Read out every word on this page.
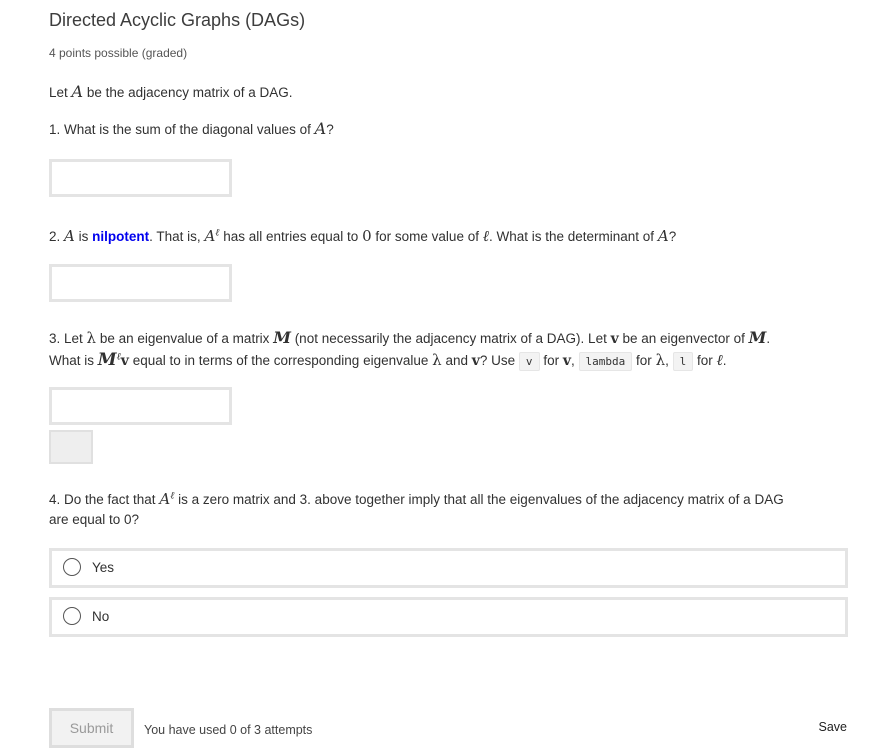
Directed Acyclic Graphs (DAGs)
4 points possible (graded)
Let A be the adjacency matrix of a DAG.
1. What is the sum of the diagonal values of A?
2. A is nilpotent. That is, $A^\ell$ has all entries equal to 0 for some value of ℓ. What is the determinant of A?
3. Let λ be an eigenvalue of a matrix M (not necessarily the adjacency matrix of a DAG). Let v be an eigenvector of M.
What is $M^\ell v$ equal to in terms of the corresponding eigenvalue λ and v? Use v for v, lambda for λ, l for ℓ.
4. Do the fact that $A^\ell$ is a zero matrix and 3. above together imply that all the eigenvalues of the adjacency matrix of a DAG
are equal to 0?
Yes
No
Submit	You have used 0 of 3 attempts	Save
